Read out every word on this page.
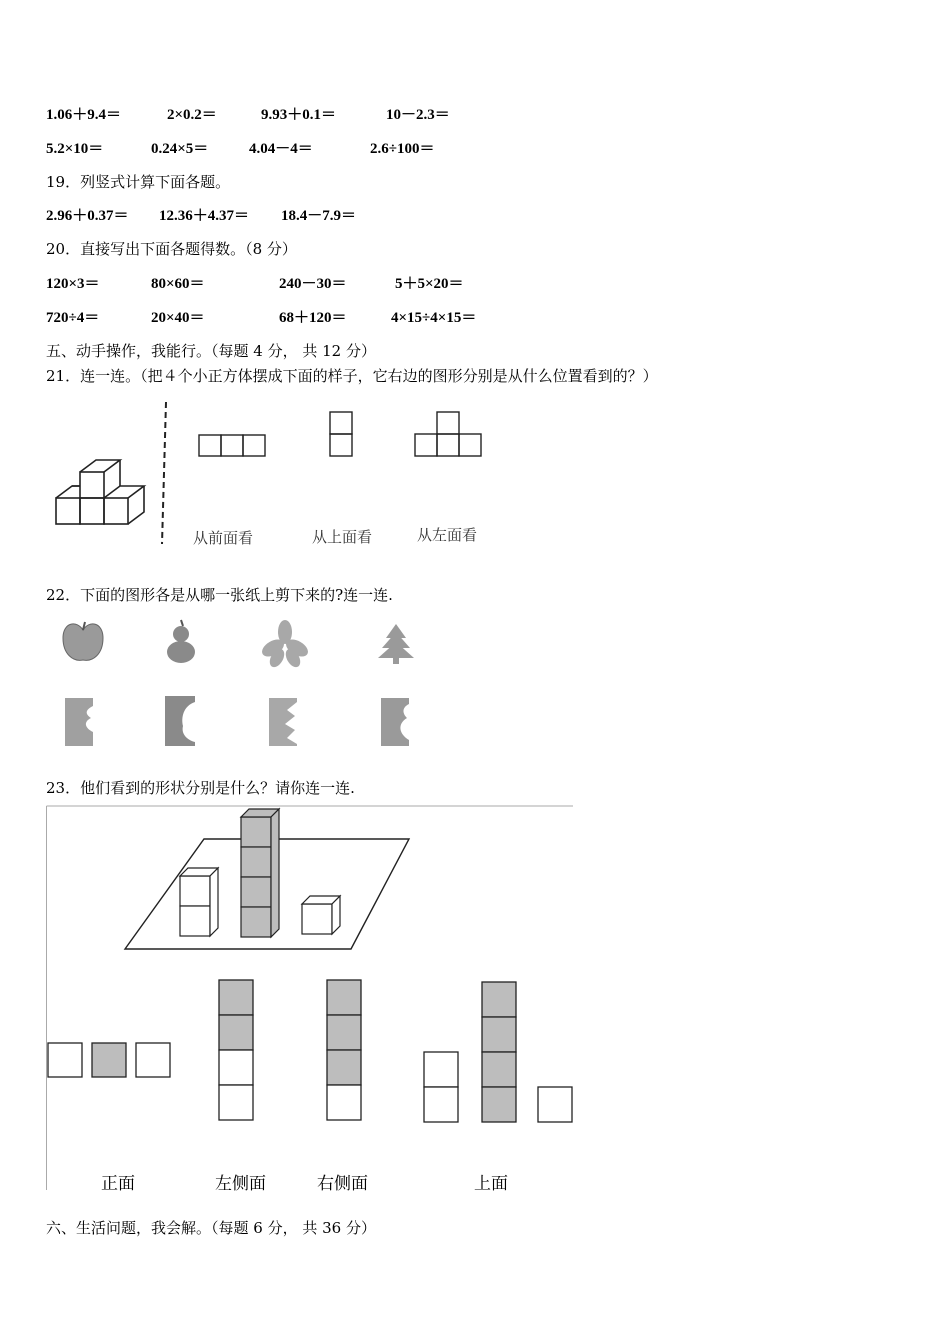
1.06＋9.4＝	2×0.2＝	9.93＋0.1＝	10－2.3＝
5.2×10＝	0.24×5＝	4.04－4＝	2.6÷100＝
19．列竖式计算下面各题。
2.96＋0.37＝ 12.36＋4.37＝ 18.4－7.9＝
20．直接写出下面各题得数。（8 分）
120×3＝	80×60＝	240－30＝	5＋5×20＝
720÷4＝	20×40＝	68＋120＝	4×15÷4×15＝
五、动手操作，我能行。（每题 4 分， 共 12 分）
21．连一连。（把４个小正方体摆成下面的样子，它右边的图形分别是从什么位置看到的？）
从前面看	从上面看	从左面看
22．下面的图形各是从哪一张纸上剪下来的?连一连.
23．他们看到的形状分别是什么？请你连一连.
正面	左侧面	右侧面	上面
六、生活问题，我会解。（每题 6 分， 共 36 分）
